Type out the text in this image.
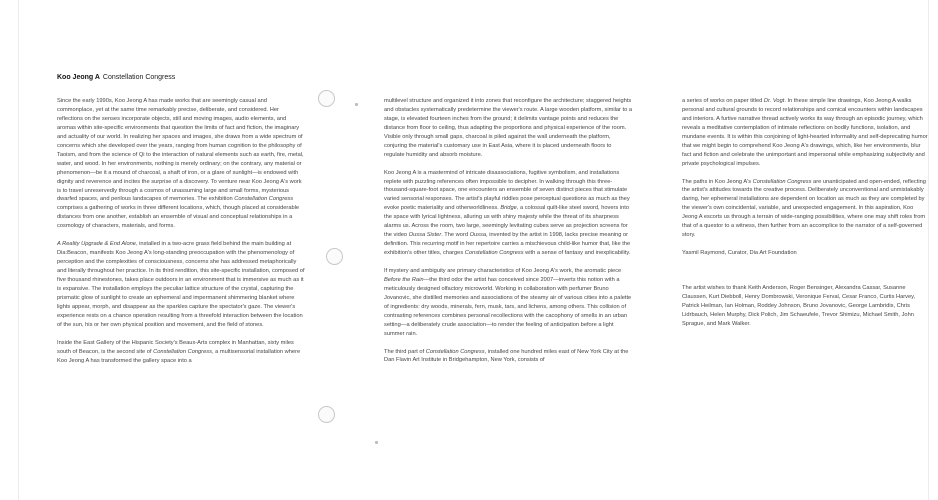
Koo Jeong A Constellation Congress

Since the early 1990s, Koo Jeong A has made works that are seemingly casual and commonplace, yet at the same time remarkably precise, deliberate, and considered. Her reflections on the senses incorporate objects, still and moving images, audio elements, and aromas within site-specific environments that question the limits of fact and fiction, the imaginary and actuality of our world. In realizing her spaces and images, she draws from a wide spectrum of concerns which she developed over the years, ranging from human cognition to the philosophy of Taoism, and from the science of Qi to the interaction of natural elements such as earth, fire, metal, water, and wood. In her environments, nothing is merely ordinary; on the contrary, any material or phenomenon—be it a mound of charcoal, a shaft of iron, or a glare of sunlight—is endowed with dignity and reverence and incites the surprise of a discovery. To venture near Koo Jeong A's work is to travel unreservedly through a cosmos of unassuming large and small forms, mysterious dwarfed spaces, and perilous landscapes of memories. The exhibition Constellation Congress comprises a gathering of works in three different locations, which, though placed at considerable distances from one another, establish an ensemble of visual and conceptual relationships in a cosmology of characters, materials, and forms.

A Reality Upgrade & End Alone, installed in a two-acre grass field behind the main building at Dia:Beacon, manifests Koo Jeong A's long-standing preoccupation with the phenomenology of perception and the complexities of consciousness, concerns she has addressed metaphorically and literally throughout her practice. In its third rendition, this site-specific installation, composed of five thousand rhinestones, takes place outdoors in an environment that is immersive as much as it is expansive. The installation employs the peculiar lattice structure of the crystal, capturing the prismatic glow of sunlight to create an ephemeral and impermanent shimmering blanket where lights appear, morph, and disappear as the sparkles capture the spectator's gaze. The viewer's experience rests on a chance operation resulting from a threefold interaction between the location of the sun, his or her own physical position and movement, and the field of stones.

Inside the East Gallery of the Hispanic Society's Beaux-Arts complex in Manhattan, sixty miles south of Beacon, is the second site of Constellation Congress, a multisensorial installation where Koo Jeong A has transformed the gallery space into a

multilevel structure and organized it into zones that reconfigure the architecture; staggered heights and obstacles systematically predetermine the viewer's route. A large wooden platform, similar to a stage, is elevated fourteen inches from the ground; it delimits vantage points and reduces the distance from floor to ceiling, thus adapting the proportions and physical experience of the room. Visible only through small gaps, charcoal is piled against the wall underneath the platform, conjuring the material's customary use in East Asia, where it is placed underneath floors to regulate humidity and absorb moisture.

Koo Jeong A is a mastermind of intricate disassociations, fugitive symbolism, and installations replete with puzzling references often impossible to decipher. In walking through this three-thousand-square-foot space, one encounters an ensemble of seven distinct pieces that stimulate varied sensorial responses. The artist's playful riddles pose perceptual questions as much as they evoke poetic materiality and otherworldliness. Bridge, a colossal quilt-like steel sword, hovers into the space with lyrical lightness, alluring us with shiny majesty while the threat of its sharpness alarms us. Across the room, two large, seemingly levitating cubes serve as projection screens for the video Oussa Sister. The word Oussa, invented by the artist in 1998, lacks precise meaning or definition. This recurring motif in her repertoire carries a mischievous child-like humor that, like the exhibition's other titles, charges Constellation Congress with a sense of fantasy and inexplicability.

If mystery and ambiguity are primary characteristics of Koo Jeong A's work, the aromatic piece Before the Rain—the third odor the artist has conceived since 2007—inverts this notion with a meticulously designed olfactory microworld. Working in collaboration with perfumer Bruno Jovanovic, she distilled memories and associations of the steamy air of various cities into a palette of ingredients: dry woods, minerals, fern, musk, tars, and lichens, among others. This collision of contrasting references combines personal recollections with the cacophony of smells in an urban setting—a deliberately crude association—to render the feeling of anticipation before a light summer rain.

The third part of Constellation Congress, installed one hundred miles east of New York City at the Dan Flavin Art Institute in Bridgehampton, New York, consists of

a series of works on paper titled Dr. Vogt. In these simple line drawings, Koo Jeong A walks personal and cultural grounds to record relationships and comical encounters within landscapes and interiors. A furtive narrative thread actively works its way through an episodic journey, which reveals a meditative contemplation of intimate reflections on bodily functions, isolation, and mundane events. It is within this conjoining of light-hearted informality and self-deprecating humor that we might begin to comprehend Koo Jeong A's drawings, which, like her environments, blur fact and fiction and celebrate the unimportant and impersonal while emphasizing subjectivity and private psychological impulses.

The paths in Koo Jeong A's Constellation Congress are unanticipated and open-ended, reflecting the artist's attitudes towards the creative process. Deliberately unconventional and unmistakably daring, her ephemeral installations are dependent on location as much as they are completed by the viewer's own coincidental, variable, and unexpected engagement. In this aspiration, Koo Jeong A escorts us through a terrain of wide-ranging possibilities, where one may shift roles from that of a questor to a witness, then further from an accomplice to the narrator of a self-governed story.

Yasmil Raymond, Curator, Dia Art Foundation

The artist wishes to thank Keith Anderson, Roger Bensinger, Alexandra Cassar, Susanne Claussen, Kurt Diebboll, Henry Dombrowski, Veronique Ferval, Cesar Franco, Curtis Harvey, Patrick Heilman, Ian Holman, Roddey Johnson, Bruno Jovanovic, George Lambridis, Chris Lidrbauch, Helen Murphy, Dick Polich, Jim Schaeufele, Trevor Shimizu, Michael Smith, John Sprague, and Mark Walker.
